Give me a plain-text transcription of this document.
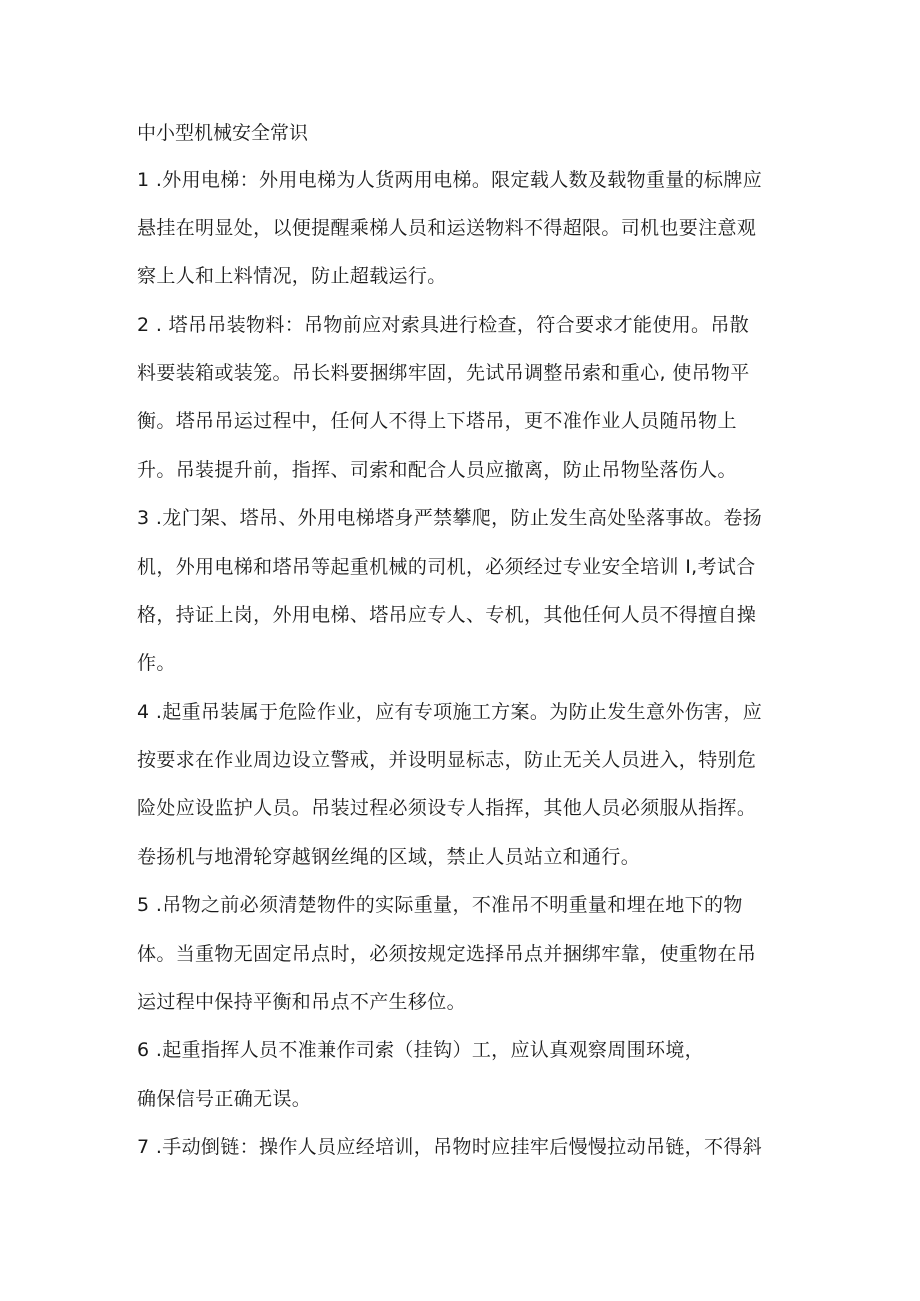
中小型机械安全常识
1 .外用电梯：外用电梯为人货两用电梯。限定载人数及载物重量的标牌应
悬挂在明显处，以便提醒乘梯人员和运送物料不得超限。司机也要注意观
察上人和上料情况，防止超载运行。
2 . 塔吊吊装物料：吊物前应对索具进行检查，符合要求才能使用。吊散
料要装箱或装笼。吊长料要捆绑牢固，先试吊调整吊索和重心, 使吊物平
衡。塔吊吊运过程中，任何人不得上下塔吊，更不准作业人员随吊物上
升。吊装提升前，指挥、司索和配合人员应撤离，防止吊物坠落伤人。
3 .龙门架、塔吊、外用电梯塔身严禁攀爬，防止发生高处坠落事故。卷扬
机，外用电梯和塔吊等起重机械的司机，必须经过专业安全培训 I,考试合
格，持证上岗，外用电梯、塔吊应专人、专机，其他任何人员不得擅自操
作。
4 .起重吊装属于危险作业，应有专项施工方案。为防止发生意外伤害，应
按要求在作业周边设立警戒，并设明显标志，防止无关人员进入，特别危
险处应设监护人员。吊装过程必须设专人指挥，其他人员必须服从指挥。
卷扬机与地滑轮穿越钢丝绳的区域，禁止人员站立和通行。
5 .吊物之前必须清楚物件的实际重量，不准吊不明重量和埋在地下的物
体。当重物无固定吊点时，必须按规定选择吊点并捆绑牢靠，使重物在吊
运过程中保持平衡和吊点不产生移位。
6 .起重指挥人员不准兼作司索（挂钩）工，应认真观察周围环境，
确保信号正确无误。
7 .手动倒链：操作人员应经培训，吊物时应挂牢后慢慢拉动吊链，不得斜
